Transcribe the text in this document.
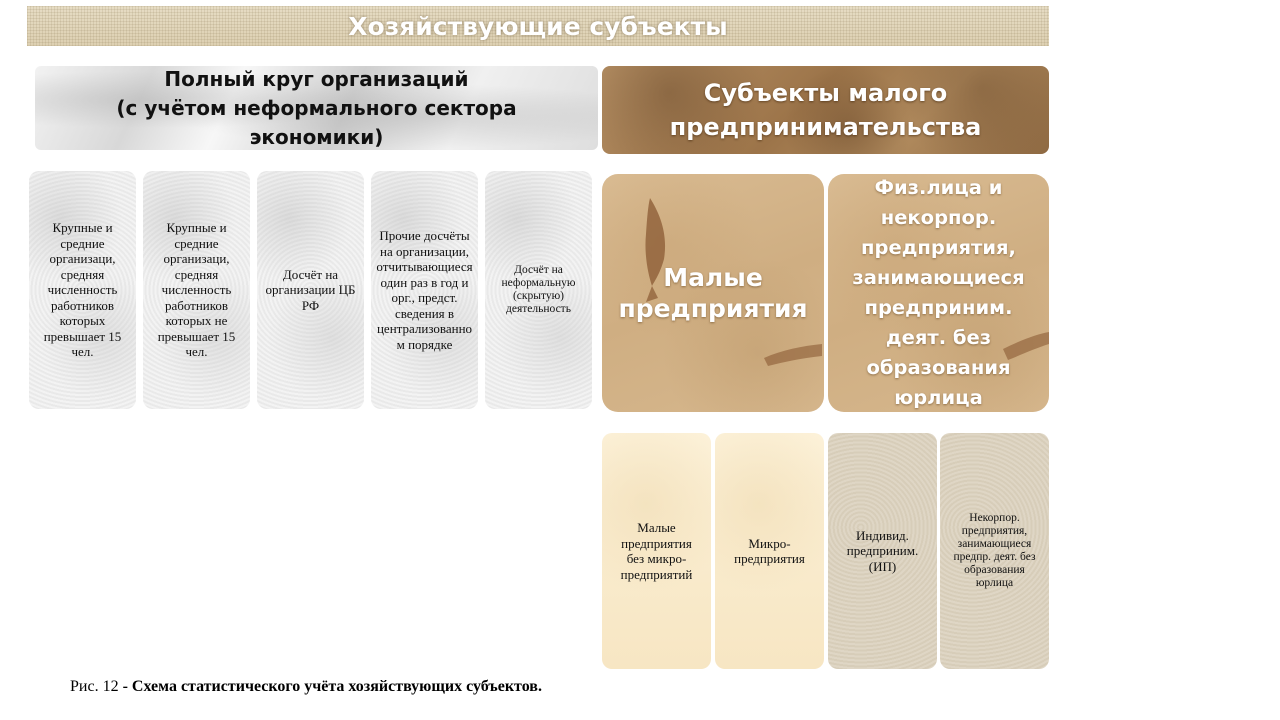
Хозяйствующие субъекты
Полный круг организаций
(с учётом неформального сектора
экономики)
Субъекты малого
предпринимательства
Крупные и средние организаци, средняя численность работников которых превышает 15 чел.
Крупные и средние организаци, средняя численность работников которых не превышает 15 чел.
Досчёт на организации ЦБ РФ
Прочие досчёты на организации, отчитывающиеся один раз в год и орг., предст. сведения в централизованном порядке
Досчёт на неформальную (скрытую) деятельность
Малые
предприятия
Физ.лица и
некорпор.
предприятия,
занимающиеся
предприним.
деят. без
образования
юрлица
Малые
предприятия
без микро-
предприятий
Микро-
предприятия
Индивид.
предприним.
(ИП)
Некорпор.
предприятия,
занимающиеся
предпр. деят. без
образования
юрлица
Рис. 12 - Схема статистического учёта хозяйствующих субъектов.
